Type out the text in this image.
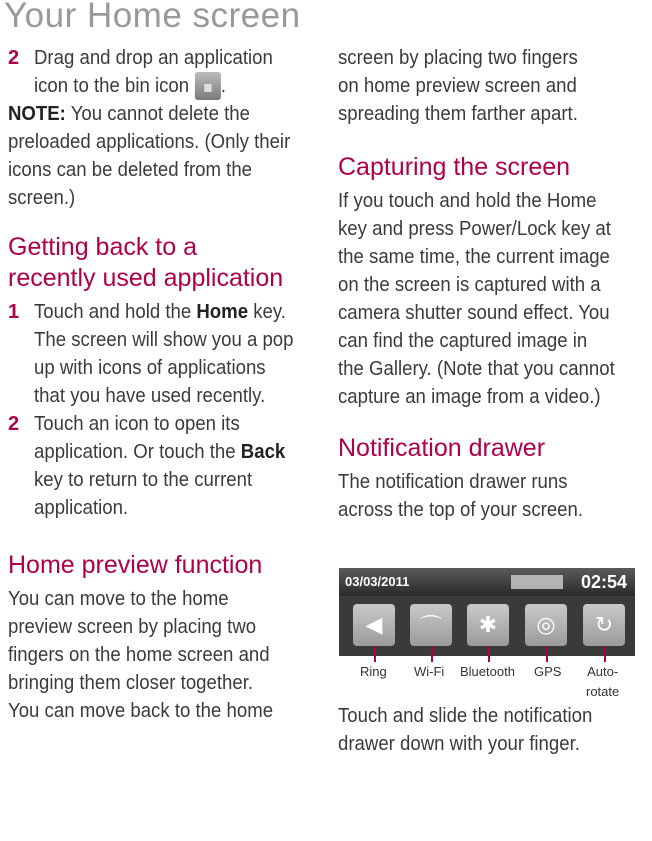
Your Home screen
2 Drag and drop an application
icon to the bin icon .
NOTE: You cannot delete the
preloaded applications. (Only their
icons can be deleted from the
screen.)
Getting back to a
recently used application
1 Touch and hold the Home key.
The screen will show you a pop
up with icons of applications
that you have used recently.
2 Touch an icon to open its
application. Or touch the Back
key to return to the current
application.
Home preview function
You can move to the home
preview screen by placing two
fingers on the home screen and
bringing them closer together.
You can move back to the home
screen by placing two fingers
on home preview screen and
spreading them farther apart.
Capturing the screen
If you touch and hold the Home
key and press Power/Lock key at
the same time, the current image
on the screen is captured with a
camera shutter sound effect. You
can find the captured image in
the Gallery. (Note that you cannot
capture an image from a video.)
Notification drawer
The notification drawer runs
across the top of your screen.
03/03/2011	02:54
◀	⌒	✱	◎	↻
Ring Wi-Fi Bluetooth GPS Auto-
rotate
Touch and slide the notification
drawer down with your finger.
